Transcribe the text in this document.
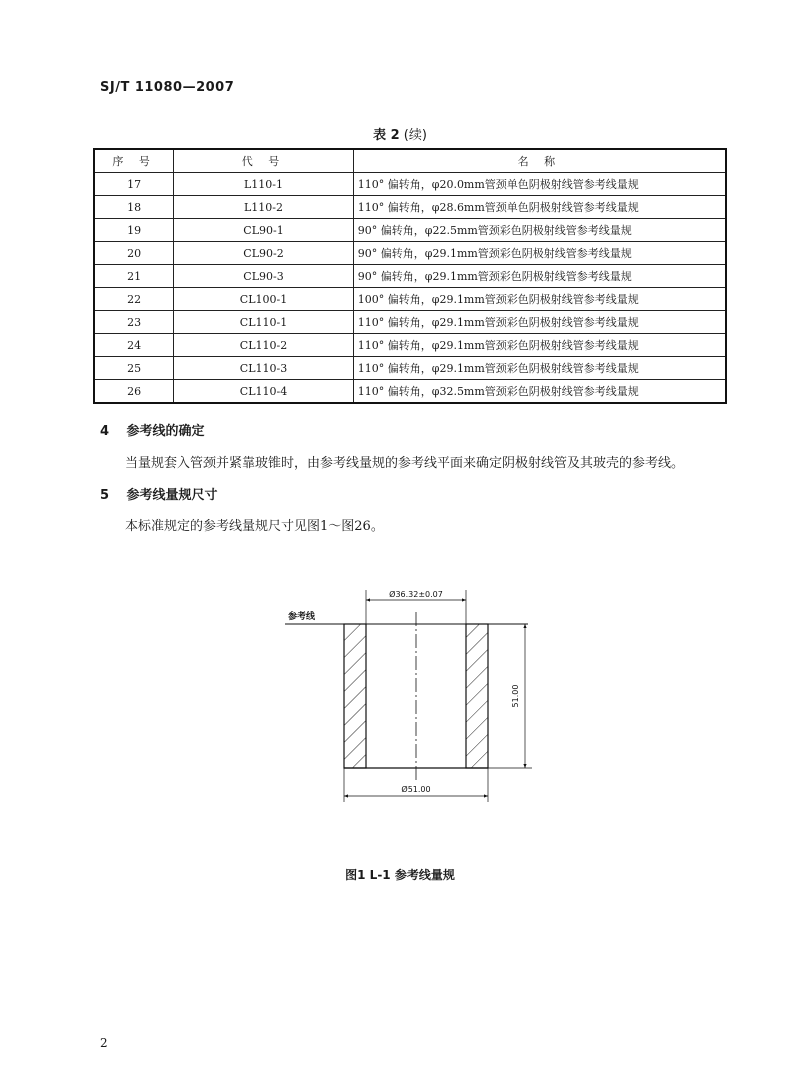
SJ/T 11080—2007
表 2 (续)
序 号	代 号	名 称
17	L110-1	110° 偏转角，φ20.0mm管颈单色阴极射线管参考线量规
18	L110-2	110° 偏转角，φ28.6mm管颈单色阴极射线管参考线量规
19	CL90-1	90° 偏转角，φ22.5mm管颈彩色阴极射线管参考线量规
20	CL90-2	90° 偏转角，φ29.1mm管颈彩色阴极射线管参考线量规
21	CL90-3	90° 偏转角，φ29.1mm管颈彩色阴极射线管参考线量规
22	CL100-1	100° 偏转角，φ29.1mm管颈彩色阴极射线管参考线量规
23	CL110-1	110° 偏转角，φ29.1mm管颈彩色阴极射线管参考线量规
24	CL110-2	110° 偏转角，φ29.1mm管颈彩色阴极射线管参考线量规
25	CL110-3	110° 偏转角，φ29.1mm管颈彩色阴极射线管参考线量规
26	CL110-4	110° 偏转角，φ32.5mm管颈彩色阴极射线管参考线量规
4 参考线的确定
当量规套入管颈并紧靠玻锥时，由参考线量规的参考线平面来确定阴极射线管及其玻壳的参考线。
5 参考线量规尺寸
本标准规定的参考线量规尺寸见图1～图26。
参考线
Ø36.32±0.07
Ø51.00
51.00
图1 L-1 参考线量规
2
